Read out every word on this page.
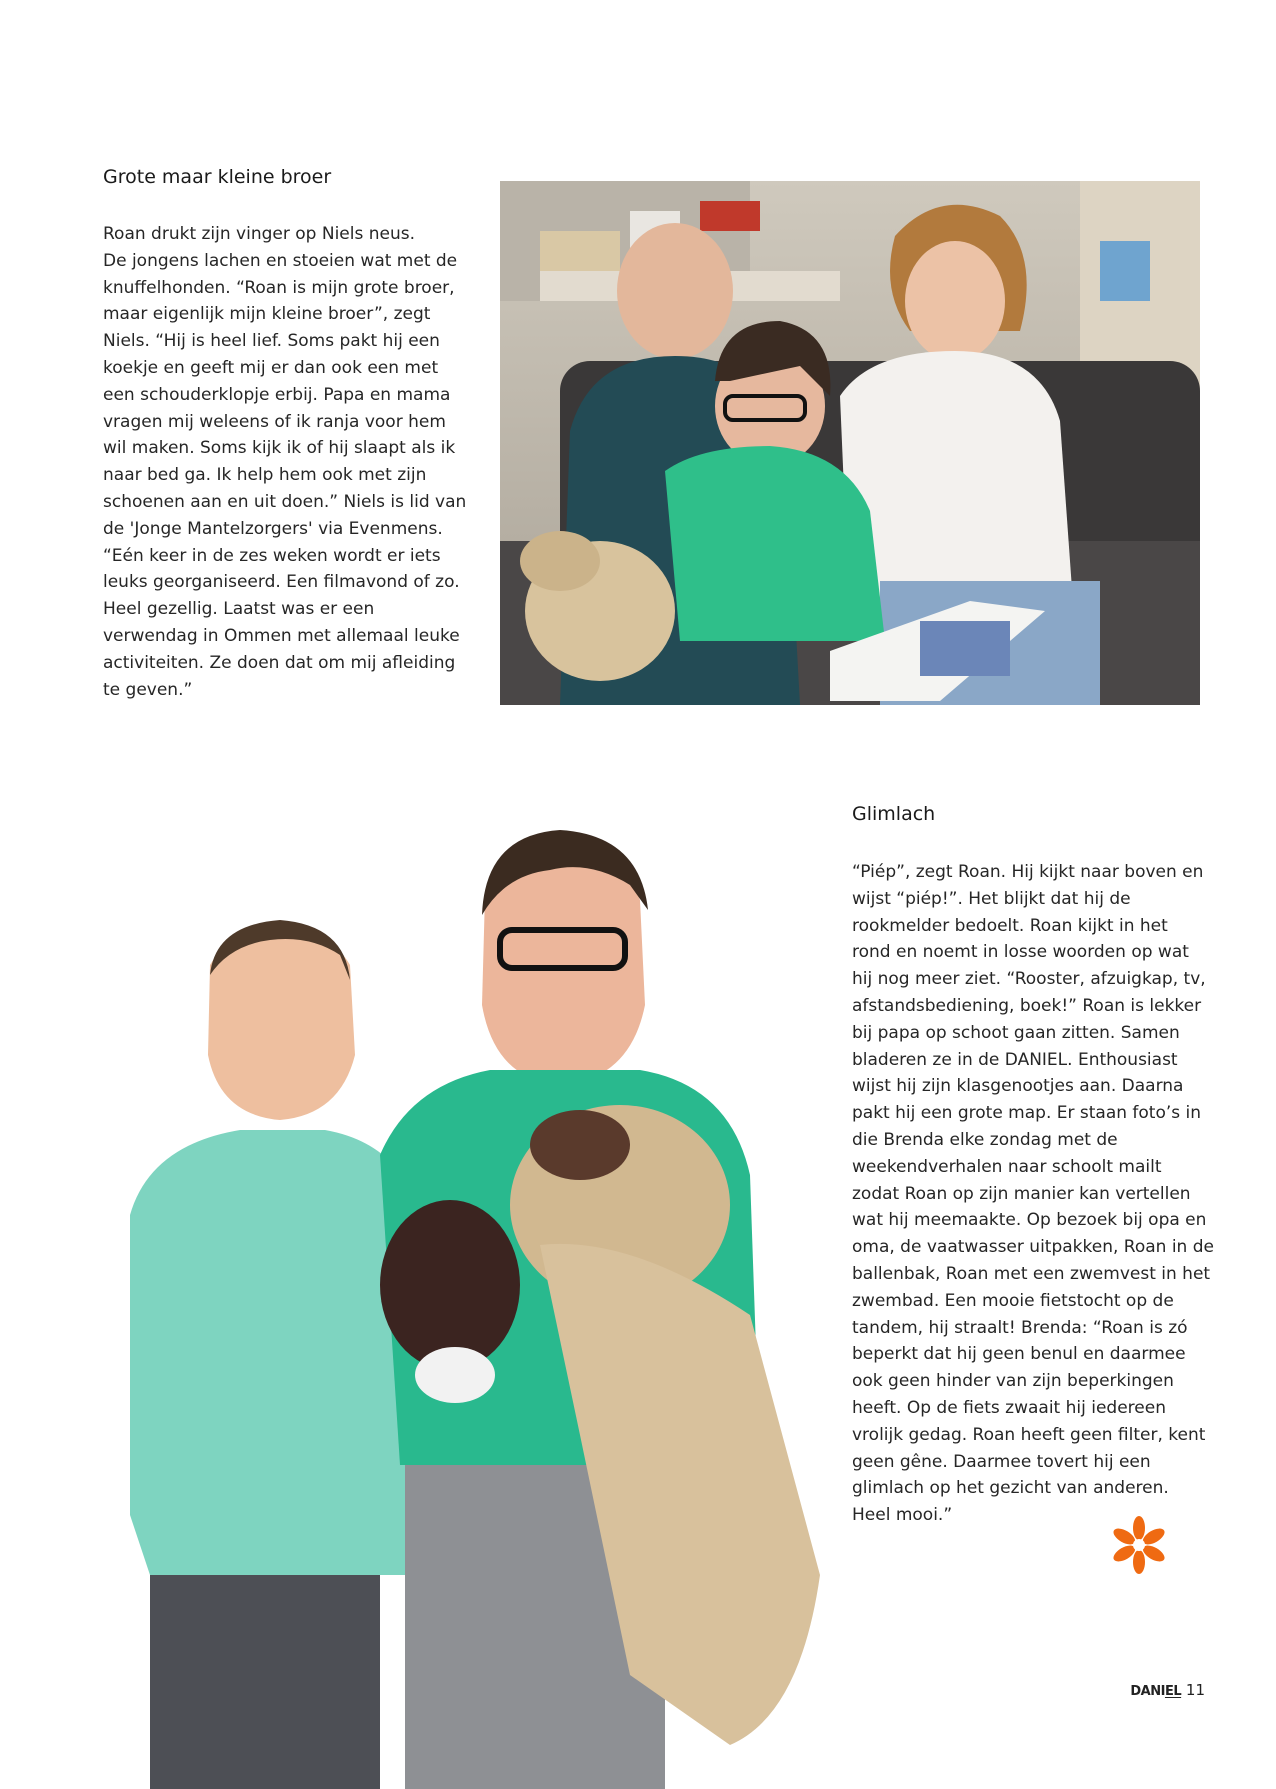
Grote maar kleine broer
Roan drukt zijn vinger op Niels neus.
De jongens lachen en stoeien wat met de
knuffelhonden. “Roan is mijn grote broer,
maar eigenlijk mijn kleine broer”, zegt
Niels. “Hij is heel lief. Soms pakt hij een
koekje en geeft mij er dan ook een met
een schouderklopje erbij. Papa en mama
vragen mij weleens of ik ranja voor hem
wil maken. Soms kijk ik of hij slaapt als ik
naar bed ga. Ik help hem ook met zijn
schoenen aan en uit doen.” Niels is lid van
de 'Jonge Mantelzorgers' via Evenmens.
“Eén keer in de zes weken wordt er iets
leuks georganiseerd. Een filmavond of zo.
Heel gezellig. Laatst was er een
verwendag in Ommen met allemaal leuke
activiteiten. Ze doen dat om mij afleiding
te geven.”
Glimlach
“Piép”, zegt Roan. Hij kijkt naar boven en
wijst “piép!”. Het blijkt dat hij de
rookmelder bedoelt. Roan kijkt in het
rond en noemt in losse woorden op wat
hij nog meer ziet. “Rooster, afzuigkap, tv,
afstandsbediening, boek!” Roan is lekker
bij papa op schoot gaan zitten. Samen
bladeren ze in de DANIEL. Enthousiast
wijst hij zijn klasgenootjes aan. Daarna
pakt hij een grote map. Er staan foto’s in
die Brenda elke zondag met de
weekendverhalen naar schoolt mailt
zodat Roan op zijn manier kan vertellen
wat hij meemaakte. Op bezoek bij opa en
oma, de vaatwasser uitpakken, Roan in de
ballenbak, Roan met een zwemvest in het
zwembad. Een mooie fietstocht op de
tandem, hij straalt! Brenda: “Roan is zó
beperkt dat hij geen benul en daarmee
ook geen hinder van zijn beperkingen
heeft. Op de fiets zwaait hij iedereen
vrolijk gedag. Roan heeft geen filter, kent
geen gêne. Daarmee tovert hij een
glimlach op het gezicht van anderen.
Heel mooi.”
DANIEL 11
